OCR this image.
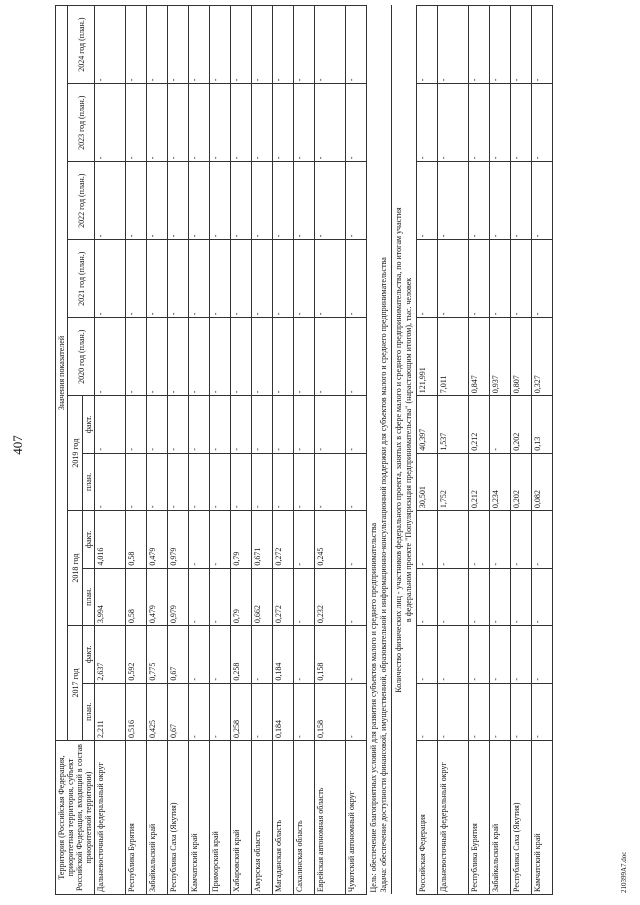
407
Территория (Российская Федерация, приоритетная территория, субъект Российской Федерации, входящий в состав приоритетной территории)	Значения показателей										
	2017 год		2018 год		2019 год		2020 год (план.)	2021 год (план.)	2022 год (план.)	2023 год (план.)	2024 год (план.)
	план.	факт.	план.	факт.	план.	факт.					
Дальневосточный федеральный округ	2,211	2,637	3,994	4,016	-	-	-	-	-	-	-
Республика Бурятия	0,516	0,592	0,58	0,58	-	-	-	-	-	-	-
Забайкальский край	0,425	0,775	0,479	0,479	-	-	-	-	-	-	-
Республика Саха (Якутия)	0,67	0,67	0,979	0,979	-	-	-	-	-	-	-
Камчатский край	-	-	-	-	-	-	-	-	-	-	-
Приморский край	-	-	-	-	-	-	-	-	-	-	-
Хабаровский край	0,258	0,258	0,79	0,79	-	-	-	-	-	-	-
Амурская область	-	-	0,662	0,671	-	-	-	-	-	-	-
Магаданская область	0,184	0,184	0,272	0,272	-	-	-	-	-	-	-
Сахалинская область	-	-	-	-	-	-	-	-	-	-	-
Еврейская автономная область	0,158	0,158	0,232	0,245	-	-	-	-	-	-	-
Чукотский автономный округ	-	-	-	-	-	-	-	-	-	-	-

Цель: обеспечение благоприятных условий для развития субъектов малого и среднего предпринимательства Задача: обеспечение доступности финансовой, имущественной, образовательной и информационно-консультационной поддержки для субъектов малого и среднего предпринимательства											

Количество физических лиц - участников федерального проекта, занятых в сфере малого и среднего предпринимательства, по итогам участия в федеральном проекте "Популяризация предпринимательства" (нарастающим итогом), тыс. человек											

Российская Федерация	-	-	-	-	30,501	40,397	121,991	-	-	-	-
Дальневосточный федеральный округ	-	-	-	-	1,752	1,537	7,011	-	-	-	-
Республика Бурятия	-	-	-	-	0,212	0,212	0,847	-	-	-	-
Забайкальский край	-	-	-	-	0,234	-	0,937	-	-	-	-
Республика Саха (Якутия)	-	-	-	-	0,202	0,202	0,807	-	-	-	-
Камчатский край	-	-	-	-	0,082	0,13	0,327	-	-	-	-
210399А7.doc
